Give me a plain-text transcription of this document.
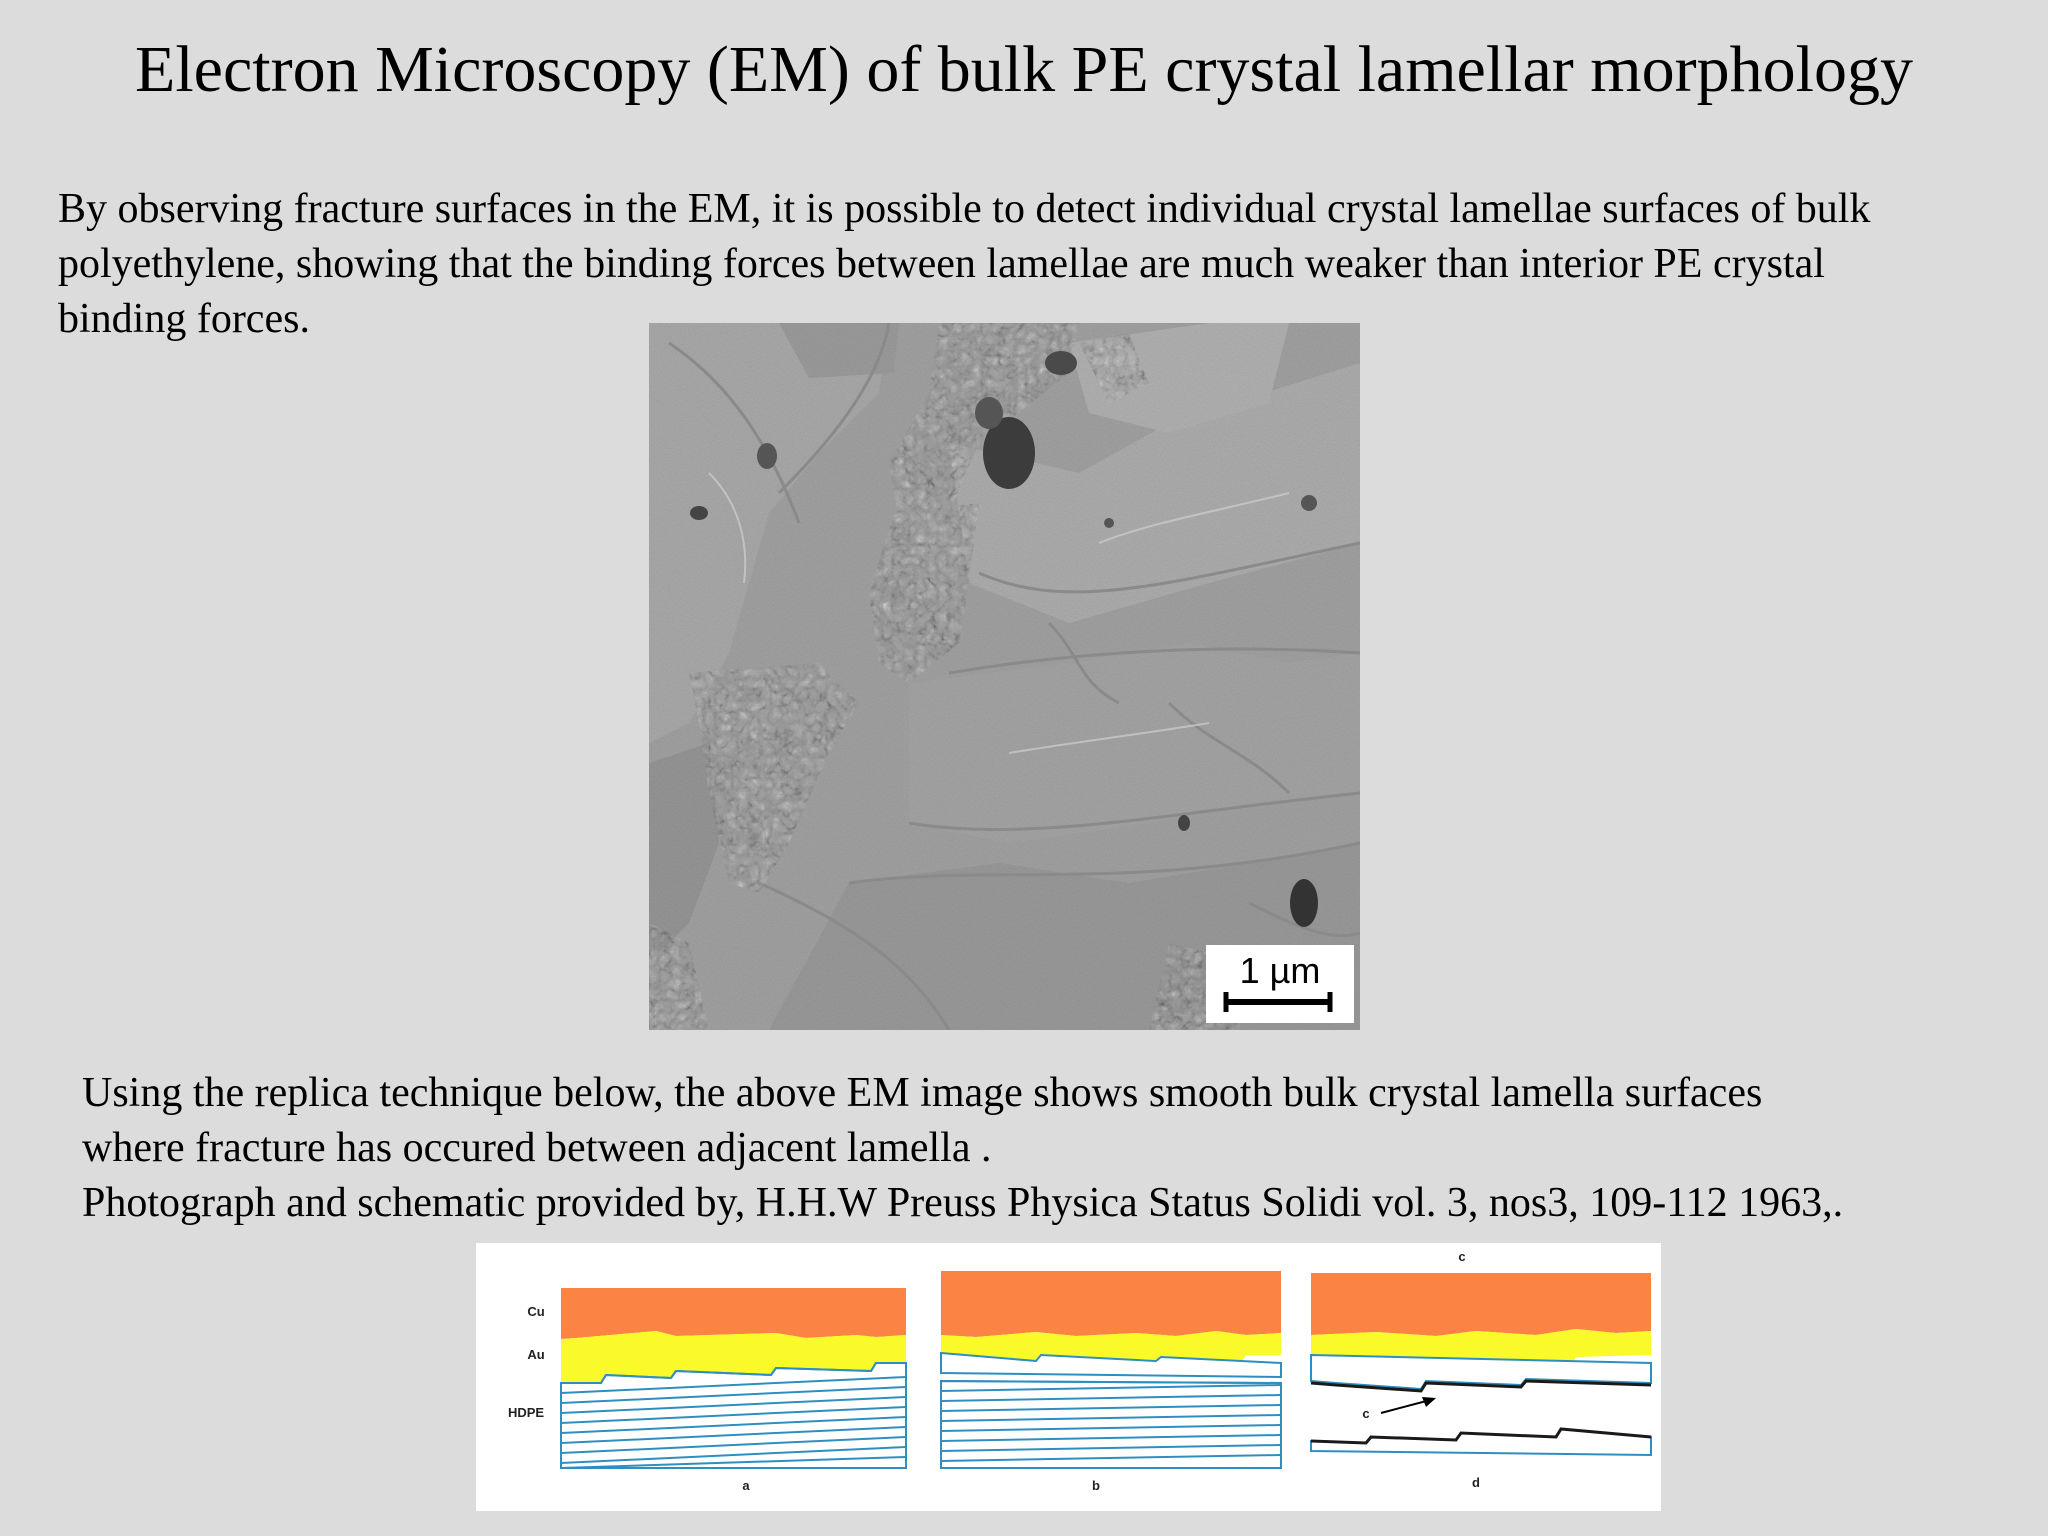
Electron Microscopy (EM) of bulk PE crystal lamellar morphology
By observing fracture surfaces in the EM, it is possible to detect individual crystal lamellae surfaces of bulk
polyethylene, showing that the binding forces between lamellae are much weaker than interior PE crystal
binding forces.
1 µm
Using the replica technique below, the above EM image shows smooth bulk crystal lamella surfaces
where fracture has occured between adjacent lamella .
Photograph and schematic provided by, H.H.W Preuss Physica Status Solidi vol. 3, nos3, 109-112 1963,.
a	b
c
c
d
Cu
Au
HDPE
